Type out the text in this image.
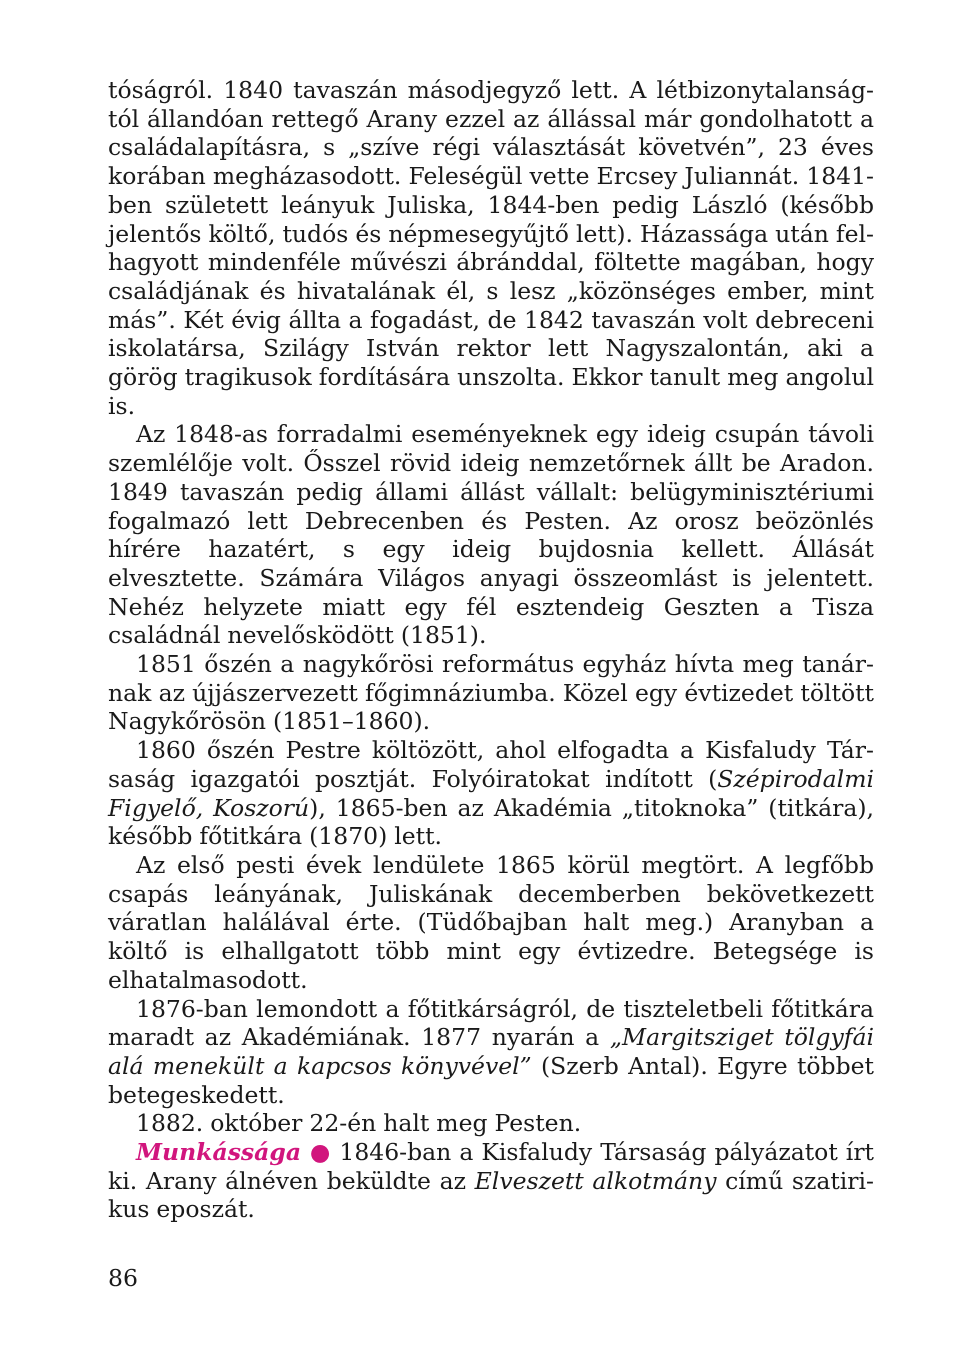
tóságról. 1840 tavaszán másodjegyző lett. A létbizonytalanságtól állandóan rettegő Arany ezzel az állással már gondolhatott a családalapításra, s „szíve régi választását követvén”, 23 éves korában megházasodott. Feleségül vette Ercsey Juliannát. 1841-ben született leányuk Juliska, 1844-ben pedig László (később jelentős költő, tudós és népmesegyűjtő lett). Házassága után felhagyott mindenféle művészi ábránddal, föltette magában, hogy családjának és hivatalának él, s lesz „közönséges ember, mint más”. Két évig állta a fogadást, de 1842 tavaszán volt debreceni iskolatársa, Szilágy István rektor lett Nagyszalontán, aki a görög tragikusok fordítására unszolta. Ekkor tanult meg angolul is.

Az 1848-as forradalmi eseményeknek egy ideig csupán távoli szemlélője volt. Ősszel rövid ideig nemzetőrnek állt be Aradon. 1849 tavaszán pedig állami állást vállalt: belügyminisztériumi fogalmazó lett Debrecenben és Pesten. Az orosz beözönlés hírére hazatért, s egy ideig bujdosnia kellett. Állását elvesztette. Számára Világos anyagi összeomlást is jelentett. Nehéz helyzete miatt egy fél esztendeig Geszten a Tisza családnál nevelősködött (1851).

1851 őszén a nagykőrösi református egyház hívta meg tanárnak az újjászervezett főgimnáziumba. Közel egy évtizedet töltött Nagykőrösön (1851–1860).

1860 őszén Pestre költözött, ahol elfogadta a Kisfaludy Társaság igazgatói posztját. Folyóiratokat indított (Szépirodalmi Figyelő, Koszorú), 1865-ben az Akadémia „titoknoka” (titkára), később főtitkára (1870) lett.

Az első pesti évek lendülete 1865 körül megtört. A legfőbb csapás leányának, Juliskának decemberben bekövetkezett váratlan halálával érte. (Tüdőbajban halt meg.) Aranyban a költő is elhallgatott több mint egy évtizedre. Betegsége is elhatalmasodott.

1876-ban lemondott a főtitkárságról, de tiszteletbeli főtitkára maradt az Akadémiának. 1877 nyarán a „Margitsziget tölgyfái alá menekült a kapcsos könyvével” (Szerb Antal). Egyre többet betegeskedett.

1882. október 22-én halt meg Pesten.

Munkássága ● 1846-ban a Kisfaludy Társaság pályázatot írt ki. Arany álnéven beküldte az Elveszett alkotmány című szatirikus eposzát.

86
